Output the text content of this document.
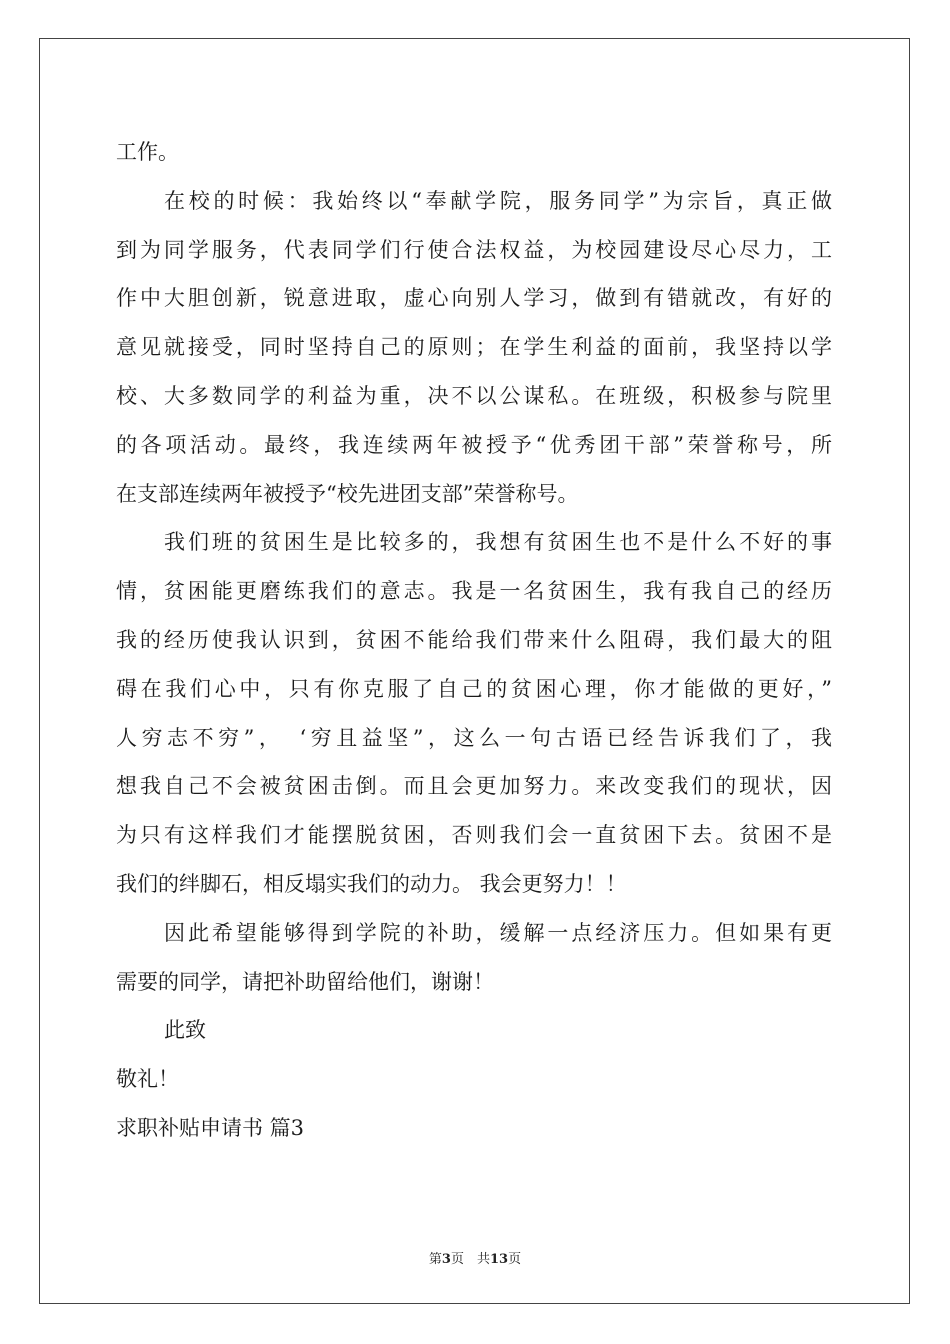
工作。
在校的时候：我始终以“奉献学院，服务同学”为宗旨，真正做
到为同学服务，代表同学们行使合法权益，为校园建设尽心尽力，工
作中大胆创新，锐意进取，虚心向别人学习，做到有错就改，有好的
意见就接受，同时坚持自己的原则；在学生利益的面前，我坚持以学
校、大多数同学的利益为重，决不以公谋私。在班级，积极参与院里
的各项活动。最终，我连续两年被授予“优秀团干部”荣誉称号，所
在支部连续两年被授予“校先进团支部”荣誉称号。
我们班的贫困生是比较多的，我想有贫困生也不是什么不好的事
情，贫困能更磨练我们的意志。我是一名贫困生，我有我自己的经历
我的经历使我认识到，贫困不能给我们带来什么阻碍，我们最大的阻
碍在我们心中，只有你克服了自己的贫困心理，你才能做的更好，”
人穷志不穷”，　‘穷且益坚”，这么一句古语已经告诉我们了，我
想我自己不会被贫困击倒。而且会更加努力。来改变我们的现状，因
为只有这样我们才能摆脱贫困，否则我们会一直贫困下去。贫困不是
我们的绊脚石，相反塌实我们的动力。 我会更努力！！
因此希望能够得到学院的补助，缓解一点经济压力。但如果有更
需要的同学，请把补助留给他们，谢谢！
此致
敬礼！
求职补贴申请书 篇3
第3页　共13页
